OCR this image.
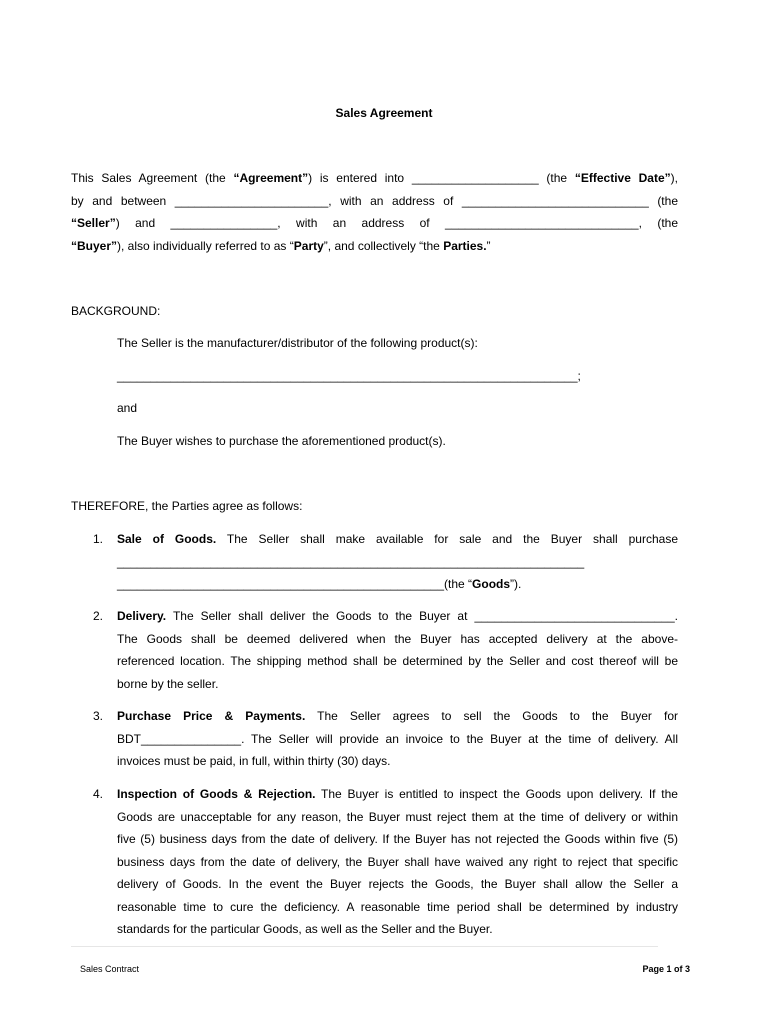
Sales Agreement
This Sales Agreement (the “Agreement”) is entered into ___________________ (the “Effective Date”),
by and between _______________________, with an address of ____________________________ (the
“Seller”) and ________________, with an address of _____________________________, (the
“Buyer”), also individually referred to as “Party”, and collectively “the Parties.”
BACKGROUND:
The Seller is the manufacturer/distributor of the following product(s):
_____________________________________________________________________;
and
The Buyer wishes to purchase the aforementioned product(s).
THEREFORE, the Parties agree as follows:
1.	Sale of Goods. The Seller shall make available for sale and the Buyer shall purchase
______________________________________________________________________
_________________________________________________(the “Goods”).
2.	Delivery. The Seller shall deliver the Goods to the Buyer at ______________________________.
The Goods shall be deemed delivered when the Buyer has accepted delivery at the above-
referenced location. The shipping method shall be determined by the Seller and cost thereof will be
borne by the seller.
3.	Purchase Price & Payments. The Seller agrees to sell the Goods to the Buyer for
BDT_______________. The Seller will provide an invoice to the Buyer at the time of delivery. All
invoices must be paid, in full, within thirty (30) days.
4.	Inspection of Goods & Rejection. The Buyer is entitled to inspect the Goods upon delivery. If the
Goods are unacceptable for any reason, the Buyer must reject them at the time of delivery or within
five (5) business days from the date of delivery. If the Buyer has not rejected the Goods within five (5)
business days from the date of delivery, the Buyer shall have waived any right to reject that specific
delivery of Goods. In the event the Buyer rejects the Goods, the Buyer shall allow the Seller a
reasonable time to cure the deficiency. A reasonable time period shall be determined by industry
standards for the particular Goods, as well as the Seller and the Buyer.
Sales Contract	Page 1 of 3
